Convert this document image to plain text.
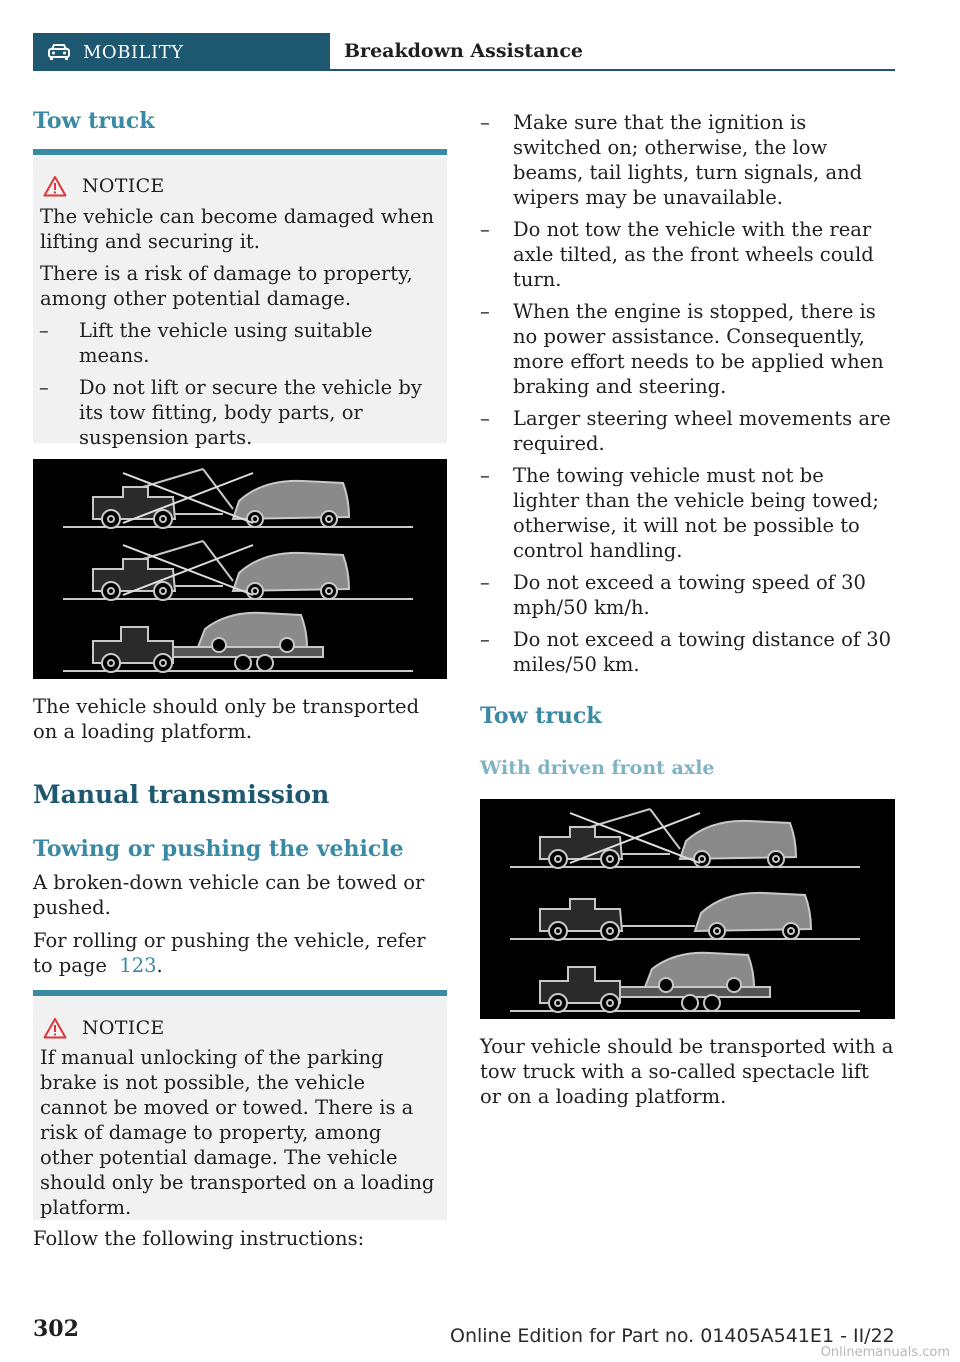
MOBILITY	Breakdown Assistance
Tow truck
NOTICE
The vehicle can become damaged when lifting and securing it.
There is a risk of damage to property, among other potential damage.
–	Lift the vehicle using suitable means.
–	Do not lift or secure the vehicle by its tow fitting, body parts, or suspension parts.
The vehicle should only be transported on a loading platform.
Manual transmission
Towing or pushing the vehicle
A broken-down vehicle can be towed or pushed.
For rolling or pushing the vehicle, refer to page 123.
NOTICE
If manual unlocking of the parking brake is not possible, the vehicle cannot be moved or towed. There is a risk of damage to property, among other potential damage. The vehicle should only be transported on a loading platform.
Follow the following instructions:
–	Make sure that the ignition is switched on; otherwise, the low beams, tail lights, turn signals, and wipers may be unavailable.
–	Do not tow the vehicle with the rear axle tilted, as the front wheels could turn.
–	When the engine is stopped, there is no power assistance. Consequently, more effort needs to be applied when braking and steering.
–	Larger steering wheel movements are required.
–	The towing vehicle must not be lighter than the vehicle being towed; otherwise, it will not be possible to control handling.
–	Do not exceed a towing speed of 30 mph/50 km/h.
–	Do not exceed a towing distance of 30 miles/50 km.
Tow truck
With driven front axle
Your vehicle should be transported with a tow truck with a so-called spectacle lift or on a loading platform.
302	Online Edition for Part no. 01405A541E1 - II/22
Onlinemanuals.com
